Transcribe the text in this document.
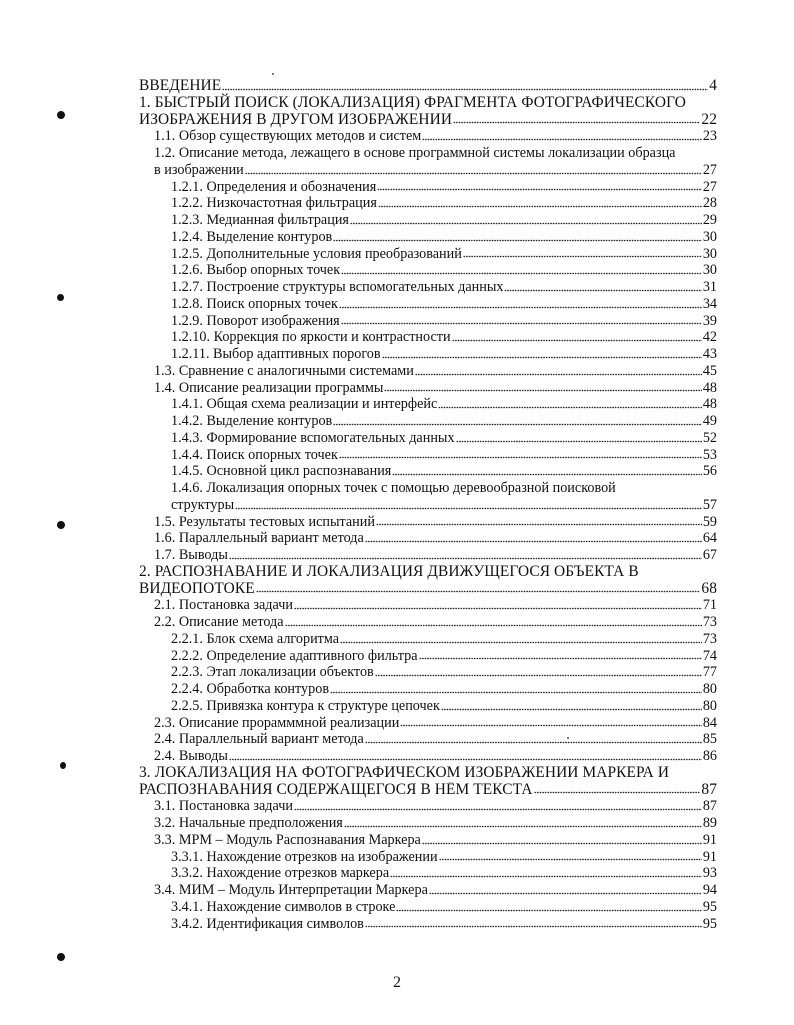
ВВЕДЕНИЕ	4
1. БЫСТРЫЙ ПОИСК (ЛОКАЛИЗАЦИЯ) ФРАГМЕНТА ФОТОГРАФИЧЕСКОГО
ИЗОБРАЖЕНИЯ В ДРУГОМ ИЗОБРАЖЕНИИ	22
1.1. Обзор существующих методов и систем	23
1.2. Описание метода, лежащего в основе программной системы локализации образца
в изображении	27
1.2.1. Определения и обозначения	27
1.2.2. Низкочастотная фильтрация	28
1.2.3. Медианная фильтрация	29
1.2.4. Выделение контуров	30
1.2.5. Дополнительные условия преобразований	30
1.2.6. Выбор опорных точек	30
1.2.7. Построение структуры вспомогательных данных	31
1.2.8. Поиск опорных точек	34
1.2.9. Поворот изображения	39
1.2.10. Коррекция по яркости и контрастности	42
1.2.11. Выбор адаптивных порогов	43
1.3. Сравнение с аналогичными системами	45
1.4. Описание реализации программы	48
1.4.1. Общая схема реализации и интерфейс	48
1.4.2. Выделение контуров	49
1.4.3. Формирование вспомогательных данных	52
1.4.4. Поиск опорных точек	53
1.4.5. Основной цикл распознавания	56
1.4.6. Локализация опорных точек с помощью деревообразной поисковой
структуры	57
1.5. Результаты тестовых испытаний	59
1.6. Параллельный вариант метода	64
1.7. Выводы	67
2. РАСПОЗНАВАНИЕ И ЛОКАЛИЗАЦИЯ ДВИЖУЩЕГОСЯ ОБЪЕКТА В
ВИДЕОПОТОКЕ	68
2.1. Постановка задачи	71
2.2. Описание метода	73
2.2.1. Блок схема алгоритма	73
2.2.2. Определение адаптивного фильтра	74
2.2.3. Этап локализации объектов	77
2.2.4. Обработка контуров	80
2.2.5. Привязка контура к структуре цепочек	80
2.3. Описание прорамммной реализации	84
2.4. Параллельный вариант метода	85
2.4. Выводы	86
3. ЛОКАЛИЗАЦИЯ НА ФОТОГРАФИЧЕСКОМ ИЗОБРАЖЕНИИ МАРКЕРА И
РАСПОЗНАВАНИЯ СОДЕРЖАЩЕГОСЯ В НЁМ ТЕКСТА	87
3.1. Постановка задачи	87
3.2. Начальные предположения	89
3.3. МРМ – Модуль Распознавания Маркера	91
3.3.1. Нахождение отрезков на изображении	91
3.3.2. Нахождение отрезков маркера	93
3.4. МИМ – Модуль Интерпретации Маркера	94
3.4.1. Нахождение символов в строке	95
3.4.2. Идентификация символов	95
2
